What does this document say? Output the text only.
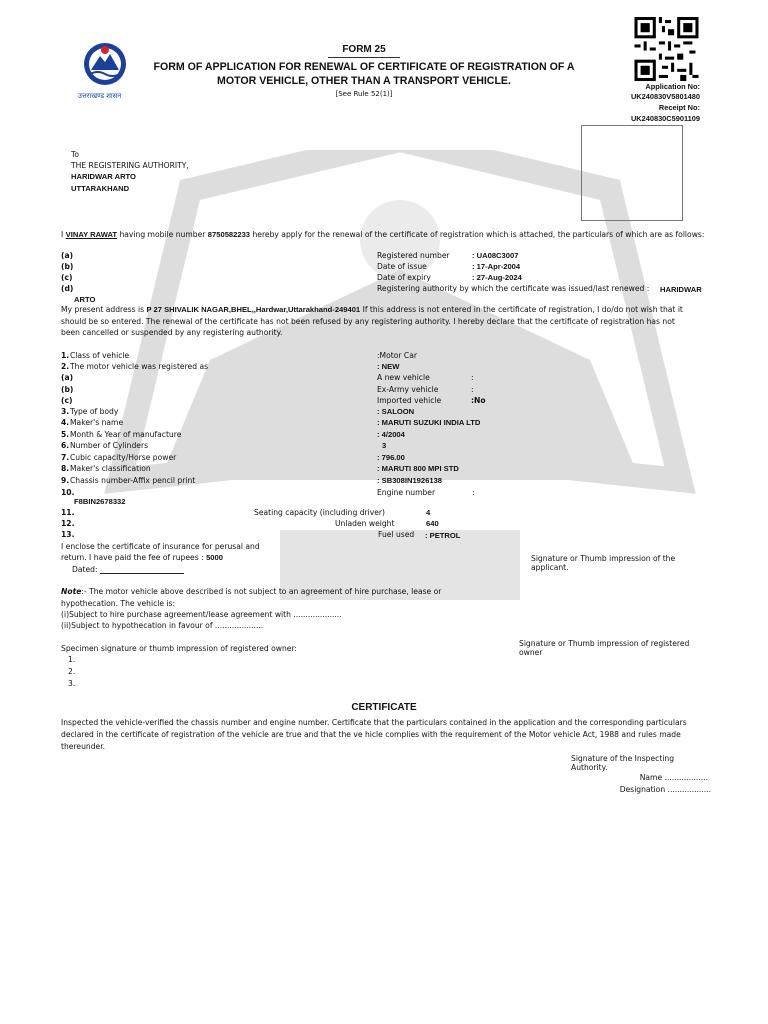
उत्तराखण्ड शासन
FORM 25
FORM OF APPLICATION FOR RENEWAL OF CERTIFICATE OF REGISTRATION OF A
MOTOR VEHICLE, OTHER THAN A TRANSPORT VEHICLE.
[See Rule 52(1)]
Application No:
UK240830V5801480
Receipt No:
UK240830C5901109
To
THE REGISTERING AUTHORITY,
HARIDWAR ARTO
UTTARAKHAND
I VINAY RAWAT having mobile number 8750582233 hereby apply for the renewal of the certificate of registration which is attached, the particulars of which are as follows:
(a)	Registered number	: UA08C3007
(b)	Date of issue	: 17-Apr-2004
(c)	Date of expiry	: 27-Aug-2024
(d)	Registering authority by which the certificate was issued/last renewed : HARIDWAR
ARTO
My present address is P 27 SHIVALIK NAGAR,BHEL,,Hardwar,Uttarakhand-249401 If this address is not entered in the certificate of registration, I do/do not wish that it
should be so entered. The renewal of the certificate has not been refused by any registering authority. I hereby declare that the certificate of registration has not
been cancelled or suspended by any registering authority.
1. Class of vehicle	:Motor Car
2. The motor vehicle was registered as	: NEW
(a)	A new vehicle	:
(b)	Ex-Army vehicle	:
(c)	Imported vehicle	:No
3. Type of body	: SALOON
4. Maker's name	: MARUTI SUZUKI INDIA LTD
5. Month & Year of manufacture	: 4/2004
6. Number of Cylinders	3
7. Cubic capacity/Horse power	: 796.00
8. Maker's classification	: MARUTI 800 MPI STD
9. Chassis number-Affix pencil print	: SB308IN1926138
10.	Engine number	:
F8BIN2678332
11.	Seating capacity (including driver)	4
12.	Unladen weight	640
13.	Fuel used : PETROL
I enclose the certificate of insurance for perusal and
return. I have paid the fee of rupees : 5000
Dated:
Signature or Thumb impression of the
applicant.
Note:- The motor vehicle above described is not subject to an agreement of hire purchase, lease or
hypothecation. The vehicle is:
(i)Subject to hire purchase agreement/lease agreement with ....................
(ii)Subject to hypothecation in favour of ....................
Signature or Thumb impression of registered
owner
Specimen signature or thumb impression of registered owner:
1.
2.
3.
CERTIFICATE
Inspected the vehicle-verified the chassis number and engine number. Certificate that the particulars contained in the application and the corresponding particulars
declared in the certificate of registration of the vehicle are true and that the ve hicle complies with the requirement of the Motor vehicle Act, 1988 and rules made
thereunder.
Signature of the Inspecting
Authority.
Name ..................
Designation ..................
